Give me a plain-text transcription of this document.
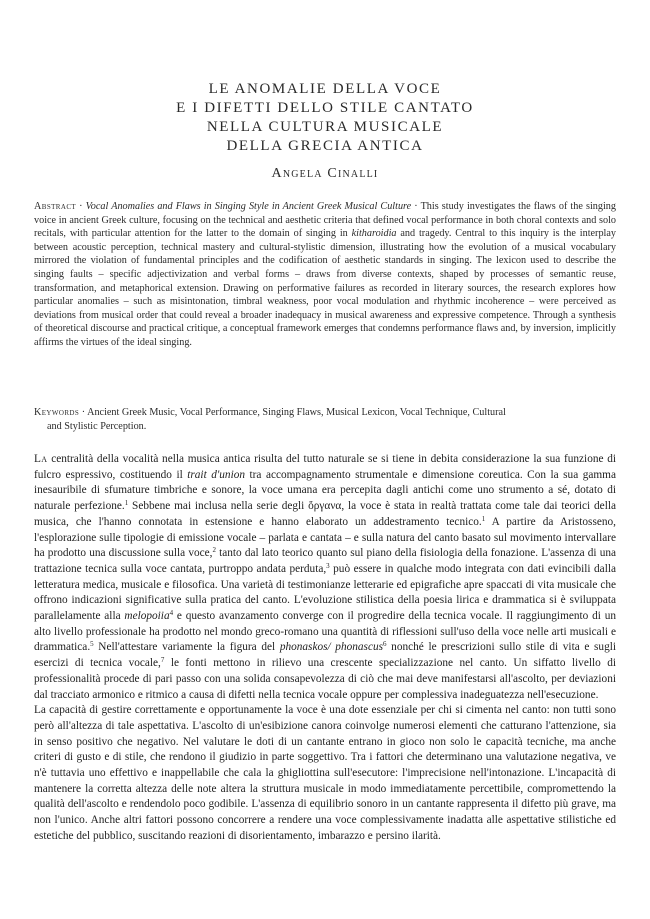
LE ANOMALIE DELLA VOCE
E I DIFETTI DELLO STILE CANTATO
NELLA CULTURA MUSICALE
DELLA GRECIA ANTICA
Angela Cinalli
Abstract · Vocal Anomalies and Flaws in Singing Style in Ancient Greek Musical Culture · This study investigates the flaws of the singing voice in ancient Greek culture, focusing on the technical and aesthetic criteria that defined vocal performance in both choral contexts and solo recitals, with particular attention for the latter to the domain of singing in kitharoidia and tragedy. Central to this inquiry is the interplay between acoustic perception, technical mastery and cultural-stylistic dimension, illustrating how the evolution of a musical vocabulary mirrored the violation of fundamental principles and the codification of aesthetic standards in singing. The lexicon used to describe the singing faults – specific adjectivization and verbal forms – draws from diverse contexts, shaped by processes of semantic reuse, transformation, and metaphorical extension. Drawing on performative failures as recorded in literary sources, the research explores how particular anomalies – such as misintonation, timbral weakness, poor vocal modulation and rhythmic incoherence – were perceived as deviations from musical order that could reveal a broader inadequacy in musical awareness and expressive competence. Through a synthesis of theoretical discourse and practical critique, a conceptual framework emerges that condemns performance flaws and, by inversion, implicitly affirms the virtues of the ideal singing.
Keywords · Ancient Greek Music, Vocal Performance, Singing Flaws, Musical Lexicon, Vocal Technique, Cultural
and Stylistic Perception.

La centralità della vocalità nella musica antica risulta del tutto naturale se si tiene in debita considerazione la sua funzione di fulcro espressivo, costituendo il trait d'union tra accompagnamento strumentale e dimensione coreutica. Con la sua gamma inesauribile di sfumature timbriche e sonore, la voce umana era percepita dagli antichi come uno strumento a sé, dotato di naturale perfezione.$^1$ Sebbene mai inclusa nella serie degli ὄργανα, la voce è stata in realtà trattata come tale dai teorici della musica, che l'hanno connotata in estensione e hanno elaborato un addestramento tecnico.$^1$ A partire da Aristosseno, l'esplorazione sulle tipologie di emissione vocale – parlata e cantata – e sulla natura del canto basato sul movimento intervallare ha prodotto una discussione sulla voce,$^2$ tanto dal lato teorico quanto sul piano della fisiologia della fonazione. L'assenza di una trattazione tecnica sulla voce cantata, purtroppo andata perduta,$^3$ può essere in qualche modo integrata con dati evincibili dalla letteratura medica, musicale e filosofica. Una varietà di testimonianze letterarie ed epigrafiche apre spaccati di vita musicale che offrono indicazioni significative sulla pratica del canto. L'evoluzione stilistica della poesia lirica e drammatica si è sviluppata parallelamente alla melopoiia$^4$ e questo avanzamento converge con il progredire della tecnica vocale. Il raggiungimento di un alto livello professionale ha prodotto nel mondo greco-romano una quantità di riflessioni sull'uso della voce nelle arti musicali e drammatica.$^5$ Nell'attestare variamente la figura del phonaskos/ phonascus$^6$ nonché le prescrizioni sullo stile di vita e sugli esercizi di tecnica vocale,$^7$ le fonti mettono in rilievo una crescente specializzazione nel canto. Un siffatto livello di professionalità procede di pari passo con una solida consapevolezza di ciò che mai deve manifestarsi all'ascolto, per deviazioni dal tracciato armonico e ritmico a causa di difetti nella tecnica vocale oppure per complessiva inadeguatezza nell'esecuzione.

La capacità di gestire correttamente e opportunamente la voce è una dote essenziale per chi si cimenta nel canto: non tutti sono però all'altezza di tale aspettativa. L'ascolto di un'esibizione canora coinvolge numerosi elementi che catturano l'attenzione, sia in senso positivo che negativo. Nel valutare le doti di un cantante entrano in gioco non solo le capacità tecniche, ma anche criteri di gusto e di stile, che rendono il giudizio in parte soggettivo. Tra i fattori che determinano una valutazione negativa, ve n'è tuttavia uno effettivo e inappellabile che cala la ghigliottina sull'esecutore: l'imprecisione nell'intonazione. L'incapacità di mantenere la corretta altezza delle note altera la struttura musicale in modo immediatamente percettibile, compromettendo la qualità dell'ascolto e rendendolo poco godibile. L'assenza di equilibrio sonoro in un cantante rappresenta il difetto più grave, ma non l'unico. Anche altri fattori possono concorrere a rendere una voce complessivamente inadatta alle aspettative stilistiche ed estetiche del pubblico, suscitando reazioni di disorientamento, imbarazzo e persino ilarità.
